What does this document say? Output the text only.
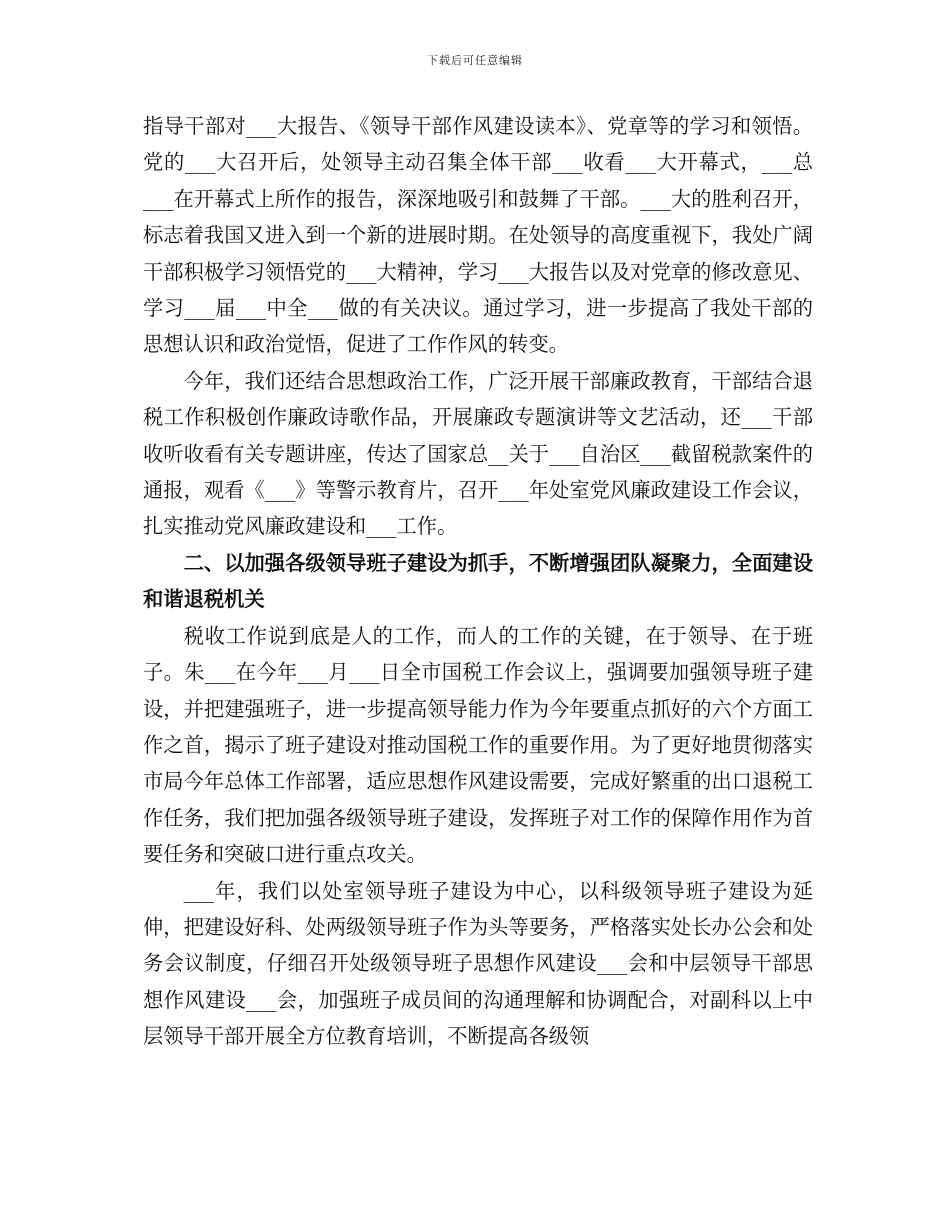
下载后可任意编辑

指导干部对___大报告、《领导干部作风建设读本》、党章等的学习和领悟。党的___大召开后，处领导主动召集全体干部___收看___大开幕式，___总___在开幕式上所作的报告，深深地吸引和鼓舞了干部。___大的胜利召开，标志着我国又进入到一个新的进展时期。在处领导的高度重视下，我处广阔干部积极学习领悟党的___大精神，学习___大报告以及对党章的修改意见、学习___届___中全___做的有关决议。通过学习，进一步提高了我处干部的思想认识和政治觉悟，促进了工作作风的转变。

今年，我们还结合思想政治工作，广泛开展干部廉政教育，干部结合退税工作积极创作廉政诗歌作品，开展廉政专题演讲等文艺活动，还___干部收听收看有关专题讲座，传达了国家总__关于___自治区___截留税款案件的通报，观看《___》等警示教育片，召开___年处室党风廉政建设工作会议，扎实推动党风廉政建设和___工作。

二、以加强各级领导班子建设为抓手，不断增强团队凝聚力，全面建设和谐退税机关

税收工作说到底是人的工作，而人的工作的关键，在于领导、在于班子。朱___在今年___月___日全市国税工作会议上，强调要加强领导班子建设，并把建强班子，进一步提高领导能力作为今年要重点抓好的六个方面工作之首，揭示了班子建设对推动国税工作的重要作用。为了更好地贯彻落实市局今年总体工作部署，适应思想作风建设需要，完成好繁重的出口退税工作任务，我们把加强各级领导班子建设，发挥班子对工作的保障作用作为首要任务和突破口进行重点攻关。

___年，我们以处室领导班子建设为中心，以科级领导班子建设为延伸，把建设好科、处两级领导班子作为头等要务，严格落实处长办公会和处务会议制度，仔细召开处级领导班子思想作风建设___会和中层领导干部思想作风建设___会，加强班子成员间的沟通理解和协调配合，对副科以上中层领导干部开展全方位教育培训，不断提高各级领
